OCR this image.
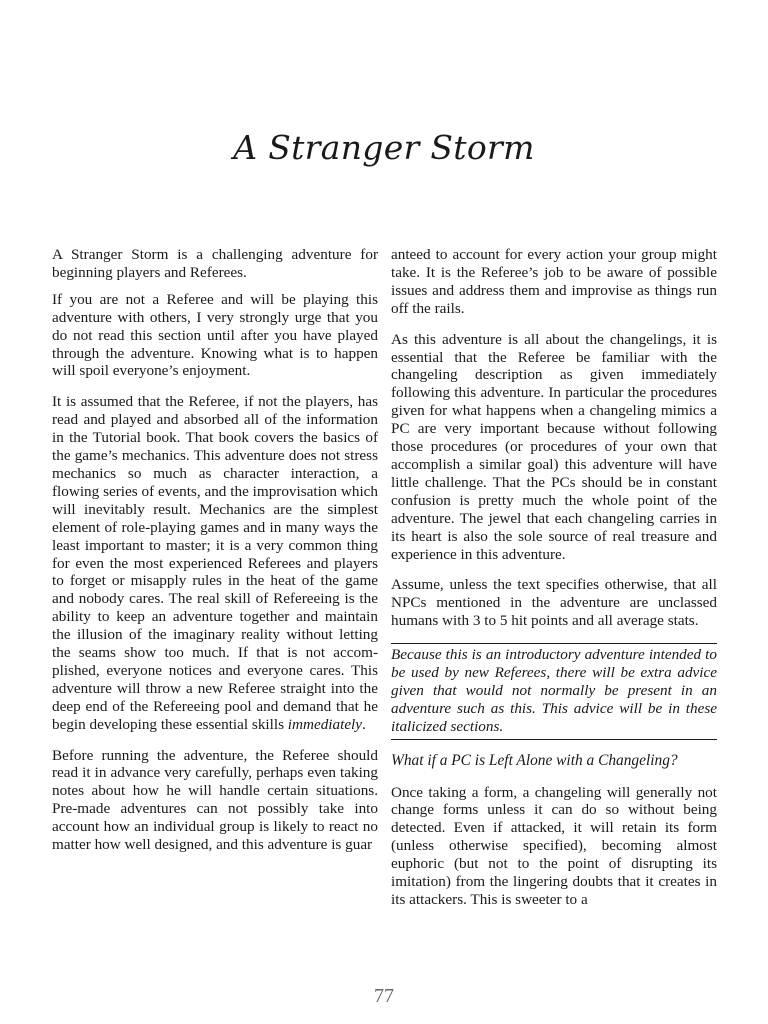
A Stranger Storm

A Stranger Storm is a challenging adventure for beginning players and Referees.

If you are not a Referee and will be playing this adventure with others, I very strongly urge that you do not read this section until after you have played through the adventure. Knowing what is to happen will spoil everyone’s enjoyment.

It is assumed that the Referee, if not the players, has read and played and absorbed all of the information in the Tutorial book. That book covers the basics of the game’s mechanics. This adventure does not stress mechanics so much as character interaction, a flowing series of events, and the improvisation which will inevitably result. Mechanics are the simplest element of role-playing games and in many ways the least important to master; it is a very common thing for even the most experienced Referees and players to forget or misapply rules in the heat of the game and nobody cares. The real skill of Refereeing is the ability to keep an adventure together and maintain the illusion of the imaginary reality without letting the seams show too much. If that is not accomplished, everyone notices and everyone cares. This adventure will throw a new Referee straight into the deep end of the Refereeing pool and demand that he begin developing these essential skills immediately.

Before running the adventure, the Referee should read it in advance very carefully, perhaps even taking notes about how he will handle certain situations. Pre-made adventures can not possibly take into account how an individual group is likely to react no matter how well designed, and this adventure is guar

anteed to account for every action your group might take. It is the Referee’s job to be aware of possible issues and address them and improvise as things run off the rails.

As this adventure is all about the changelings, it is essential that the Referee be familiar with the changeling description as given immediately following this adventure. In particular the procedures given for what happens when a changeling mimics a PC are very important because without following those procedures (or procedures of your own that accomplish a similar goal) this adventure will have little challenge. That the PCs should be in constant confusion is pretty much the whole point of the adventure. The jewel that each changeling carries in its heart is also the sole source of real treasure and experience in this adventure.

Assume, unless the text specifies otherwise, that all NPCs mentioned in the adventure are unclassed humans with 3 to 5 hit points and all average stats.

Because this is an introductory adventure intended to be used by new Referees, there will be extra advice given that would not normally be present in an adventure such as this. This advice will be in these italicized sections.
What if a PC is Left Alone with a Changeling?

Once taking a form, a changeling will generally not change forms unless it can do so without being detected. Even if attacked, it will retain its form (unless otherwise specified), becoming almost euphoric (but not to the point of disrupting its imitation) from the lingering doubts that it creates in its attackers. This is sweeter to a

77
